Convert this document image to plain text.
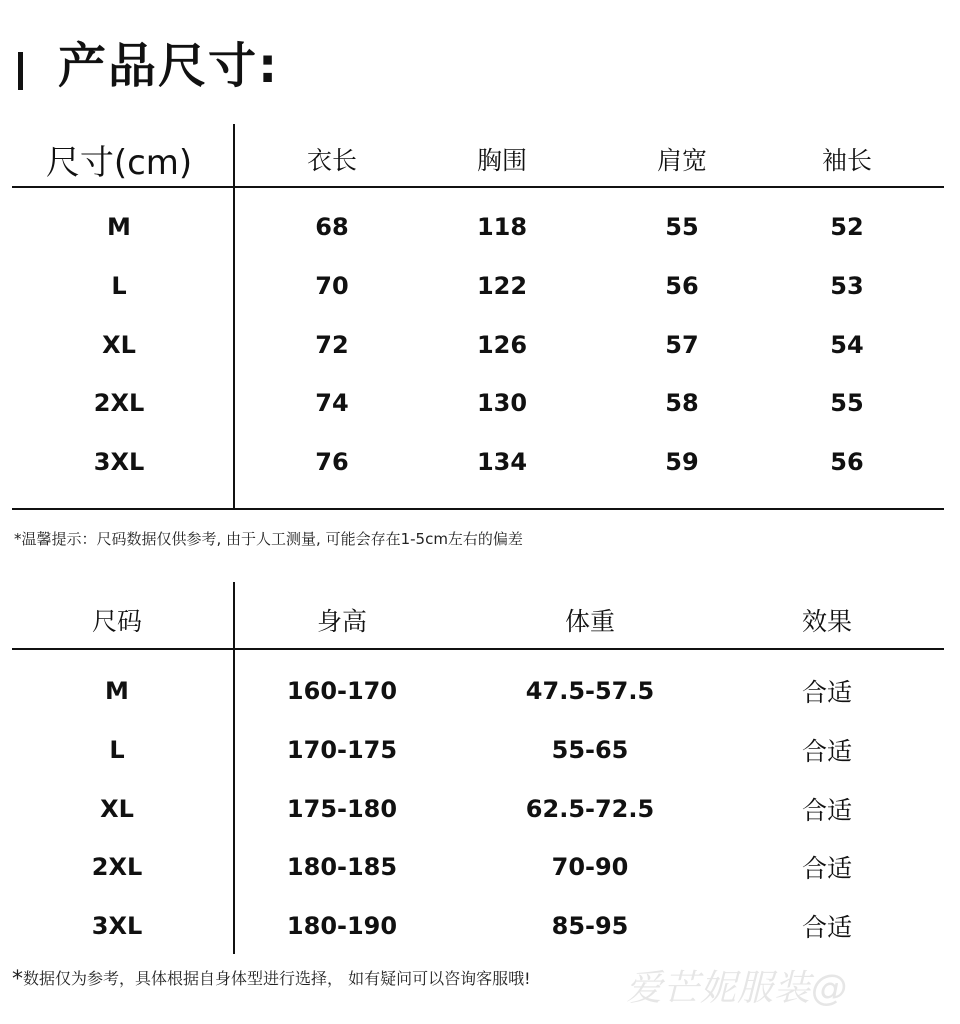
产品尺寸:
尺寸(cm)	衣长	胸围	肩宽	袖长
M	68	118	55	52
L	70	122	56	53
XL	72	126	57	54
2XL	74	130	58	55
3XL	76	134	59	56
*温馨提示：尺码数据仅供参考, 由于人工测量, 可能会存在1-5cm左右的偏差
尺码	身高	体重	效果
M	160-170	47.5-57.5	合适
L	170-175	55-65	合适
XL	175-180	62.5-72.5	合适
2XL	180-185	70-90	合适
3XL	180-190	85-95	合适
*数据仅为参考，具体根据自身体型进行选择， 如有疑问可以咨询客服哦!	爱芒妮服装@
